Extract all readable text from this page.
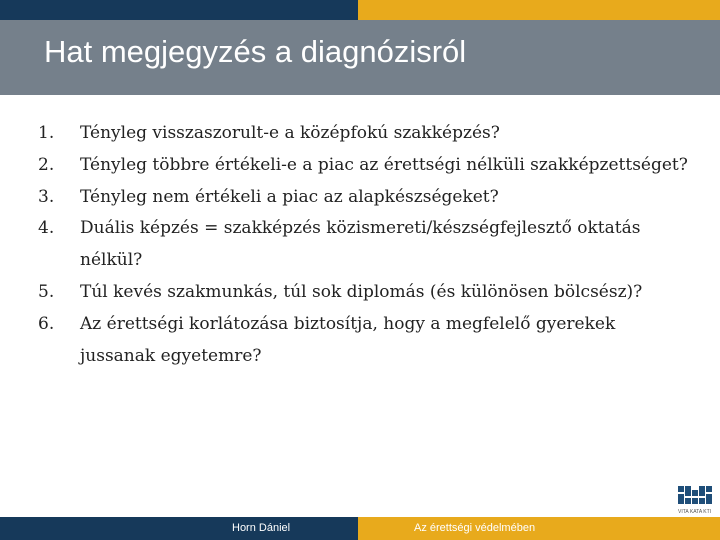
Hat megjegyzés a diagnózisról
1.	Tényleg visszaszorult-e a középfokú szakképzés?
2.	Tényleg többre értékeli-e a piac az érettségi nélküli szakképzettséget?
3.	Tényleg nem értékeli a piac az alapkészségeket?
4.	Duális képzés = szakképzés közismereti/készségfejlesztő oktatás nélkül?
5.	Túl kevés szakmunkás, túl sok diplomás (és különösen bölcsész)?
6.	Az érettségi korlátozása biztosítja, hogy a megfelelő gyerekek jussanak egyetemre?
VITA KATA KTI
Horn Dániel	Az érettségi védelmében
